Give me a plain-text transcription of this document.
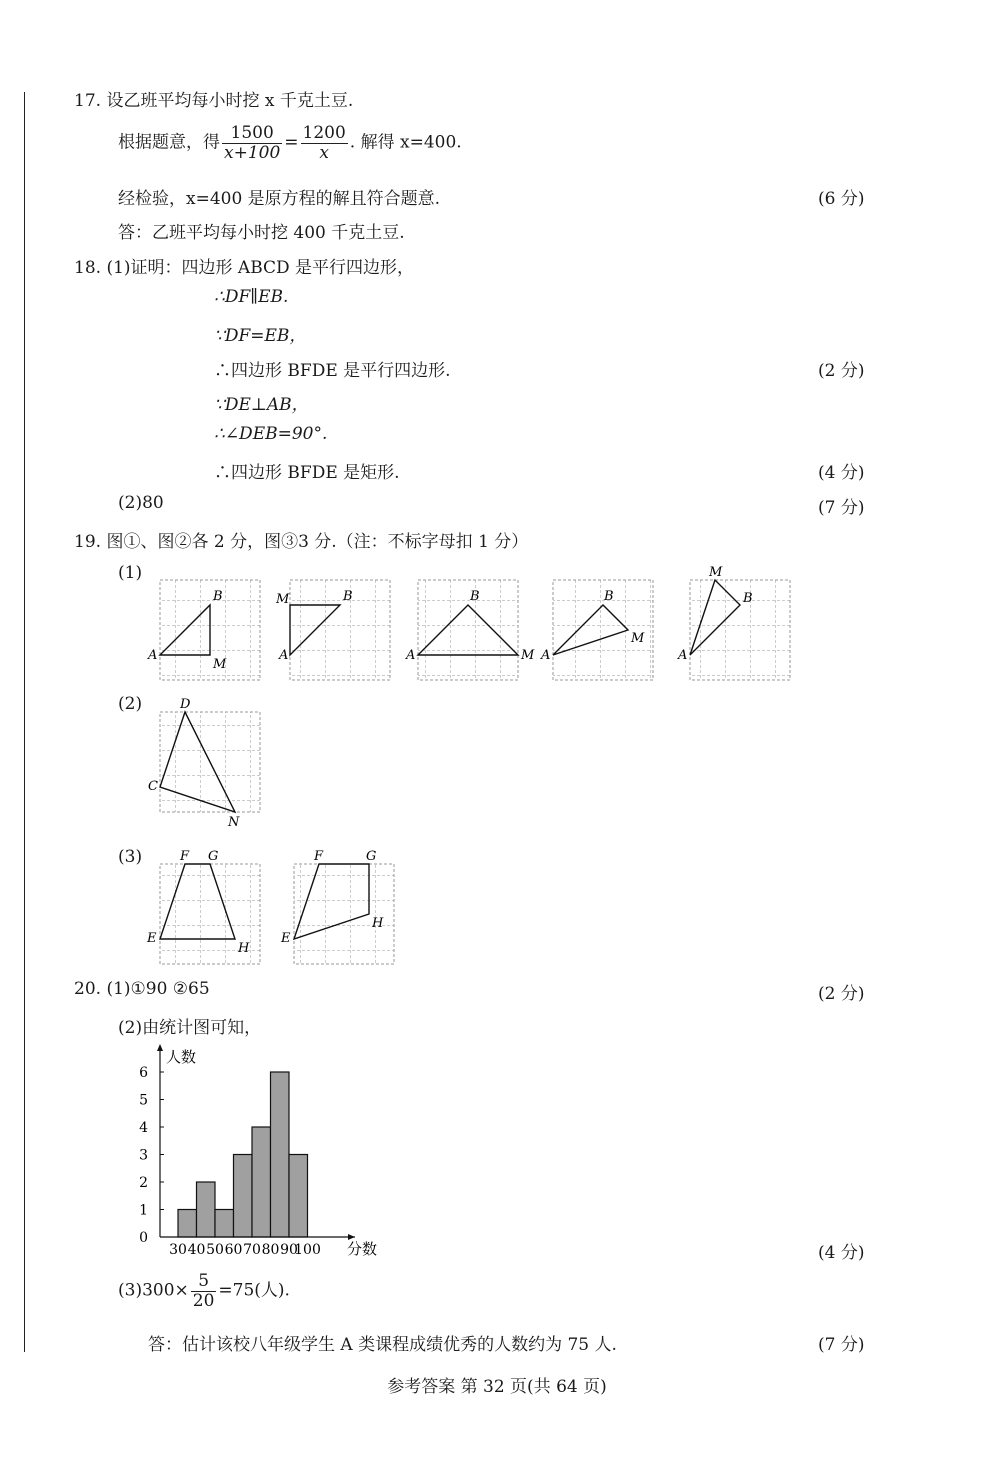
17. 设乙班平均每小时挖 x 千克土豆.
根据题意，得 $\frac{1500}{x+100} = \frac{1200}{x}$ . 解得 x=400.
经检验，x=400 是原方程的解且符合题意.	(6 分)
答：乙班平均每小时挖 400 千克土豆.
18. (1)证明：四边形 ABCD 是平行四边形，
∴DF∥EB.
∵DF=EB，
∴四边形 BFDE 是平行四边形.	(2 分)
∵DE⊥AB，
∴∠DEB=90°.
∴四边形 BFDE 是矩形.	(4 分)
(2)80	(7 分)
19. 图①、图②各 2 分，图③3 分.（注：不标字母扣 1 分）
(1)
(2)
(3)
A
B
M
A
B
M
A
B
M A
B
M
A
B
M
D
C
N
F G
E
H
F	G
E
H
20. (1)①90 ②65	(2 分)
(2)由统计图可知，
0
1
2
3
4
5
6
30 40 50 60 70 80 90
100
人数
分数	(4 分)
$(3)300\times \frac{5}{20} =75$(人).
答：估计该校八年级学生 A 类课程成绩优秀的人数约为 75 人.	(7 分)
参考答案 第 32 页(共 64 页)
